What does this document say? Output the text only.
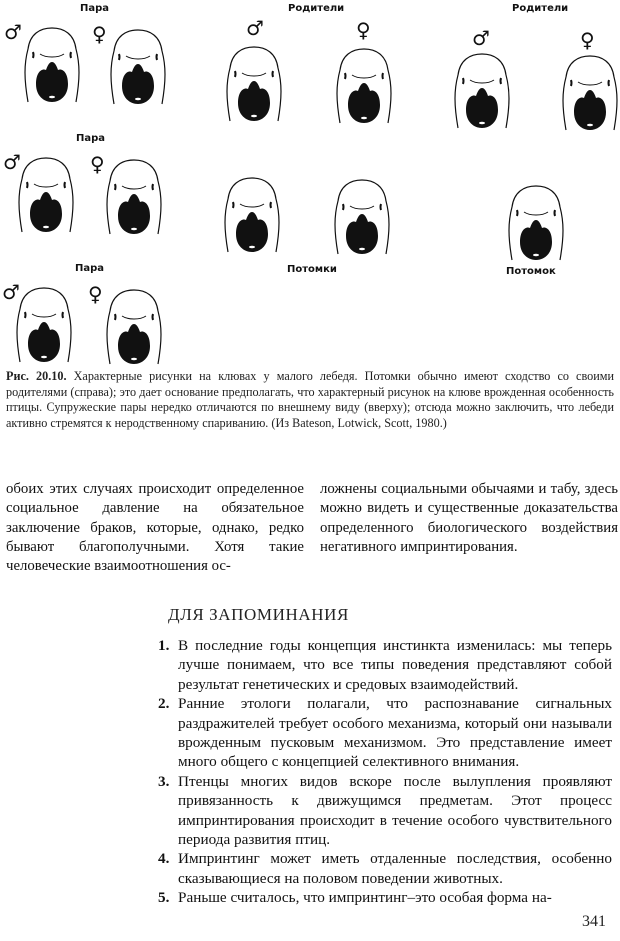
Пара
♂	♀
Пара
♂	♀
Пара
♂	♀
Родители
♂	♀
Родители
♂	♀
Потомки	Потомок
Рис. 20.10. Характерные рисунки на клювах у малого лебедя. Потомки обычно имеют сходство со своими родителями (справа); это дает основание предполагать, что характерный рисунок на клюве врожденная особенность птицы. Супружеские пары нередко отличаются по внешнему виду (вверху); отсюда можно заключить, что лебеди активно стремятся к неродственному спариванию. (Из Bateson, Lotwick, Scott, 1980.)
обоих этих случаях происходит определенное социальное давление на обязательное заключение браков, которые, однако, редко бывают благополучными. Хотя такие человеческие взаимоотношения ос-
ложнены социальными обычаями и табу, здесь можно видеть и существенные доказательства определенного биологического воздействия негативного импринтирования.
ДЛЯ ЗАПОМИНАНИЯ
1. В последние годы концепция инстинкта изменилась: мы теперь лучше понимаем, что все типы поведения представляют собой результат генетических и средовых взаимодействий.
2. Ранние этологи полагали, что распознавание сигнальных раздражителей требует особого механизма, который они называли врожденным пусковым механизмом. Это представление имеет много общего с концепцией селективного внимания.
3. Птенцы многих видов вскоре после вылупления проявляют привязанность к движущимся предметам. Этот процесс импринтирования происходит в течение особого чувствительного периода развития птиц.
4. Импринтинг может иметь отдаленные последствия, особенно сказывающиеся на половом поведении животных.
5. Раньше считалось, что импринтинг–это особая форма на-
341
